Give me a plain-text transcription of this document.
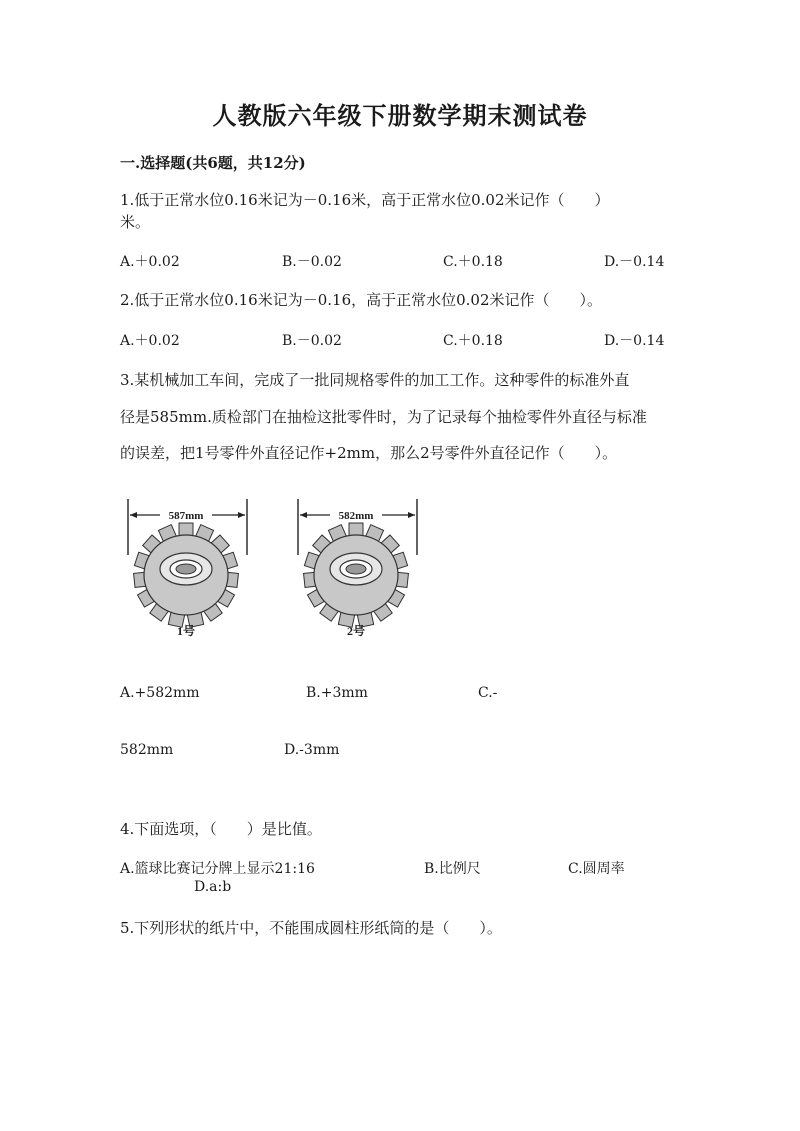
人教版六年级下册数学期末测试卷
一.选择题(共6题，共12分)
1.低于正常水位0.16米记为－0.16米，高于正常水位0.02米记作（　　）
米。
A.＋0.02	B.－0.02	C.＋0.18	D.－0.14
2.低于正常水位0.16米记为－0.16，高于正常水位0.02米记作（　　）。
A.＋0.02	B.－0.02	C.＋0.18	D.－0.14
3.某机械加工车间，完成了一批同规格零件的加工工作。这种零件的标准外直
径是585mm.质检部门在抽检这批零件时，为了记录每个抽检零件外直径与标准
的误差，把1号零件外直径记作+2mm，那么2号零件外直径记作（　　）。
587mm
1号
582mm
2号
A.+582mm	B.+3mm	C.-
582mm	D.-3mm
4.下面选项，（　　）是比值。
A.篮球比赛记分牌上显示21:16	B.比例尺	C.圆周率
D.a:b
5.下列形状的纸片中，不能围成圆柱形纸筒的是（　　）。
